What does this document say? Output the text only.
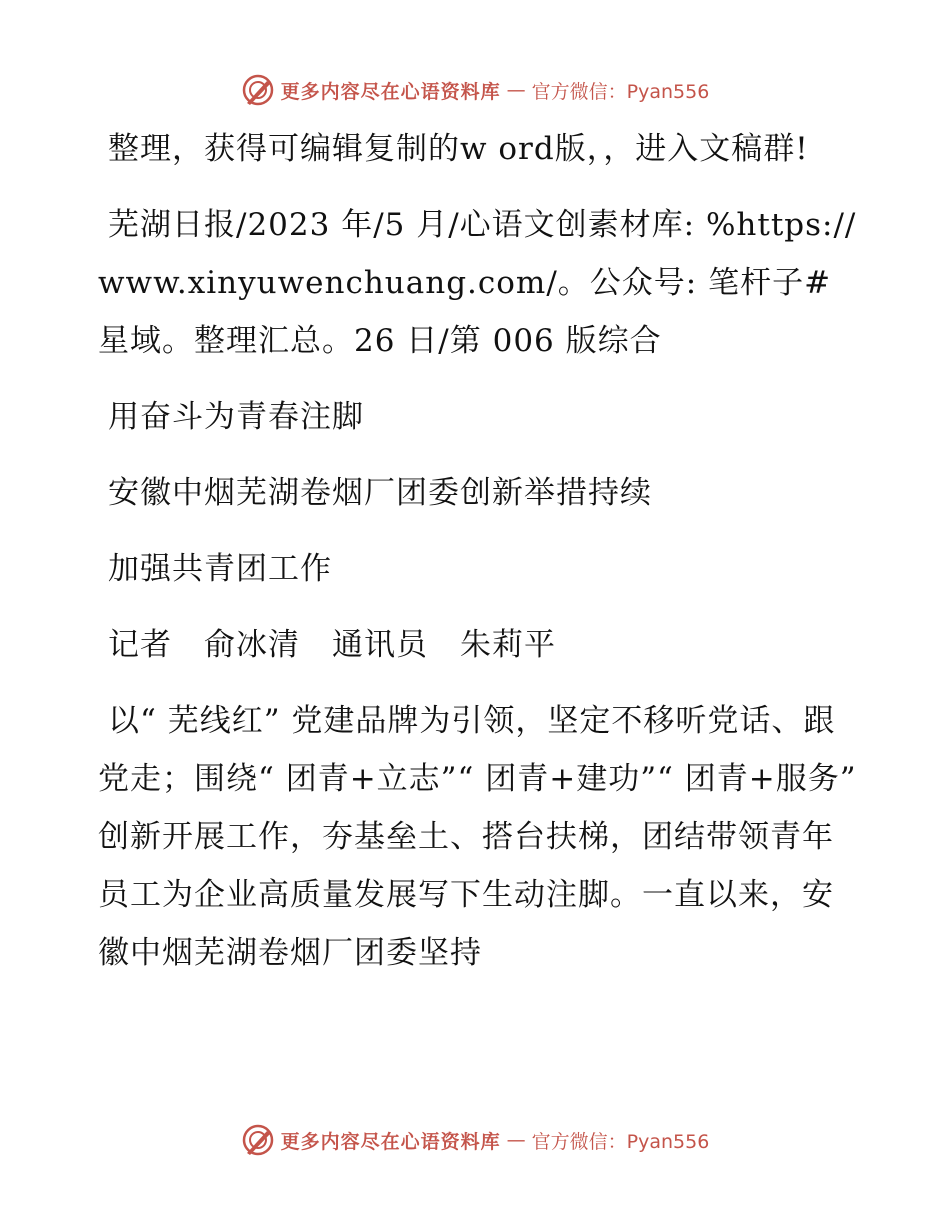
更多内容尽在心语资料库 — 官方微信：Pyan556

整理，获得可编辑复制的w ord版，，进入文稿群!

芜湖日报/2023 年/5 月/心语文创素材库: %https://www.xinyuwenchuang.com/。公众号: 笔杆子#星域。整理汇总。26 日/第 006 版综合

用奋斗为青春注脚

安徽中烟芜湖卷烟厂团委创新举措持续

加强共青团工作

记者　俞冰清　通讯员　朱莉平

以“ 芜线红” 党建品牌为引领，坚定不移听党话、跟党走；围绕“ 团青+立志”“ 团青+建功”“ 团青+服务” 创新开展工作，夯基垒土、搭台扶梯，团结带领青年员工为企业高质量发展写下生动注脚。一直以来，安徽中烟芜湖卷烟厂团委坚持

更多内容尽在心语资料库 — 官方微信：Pyan556
